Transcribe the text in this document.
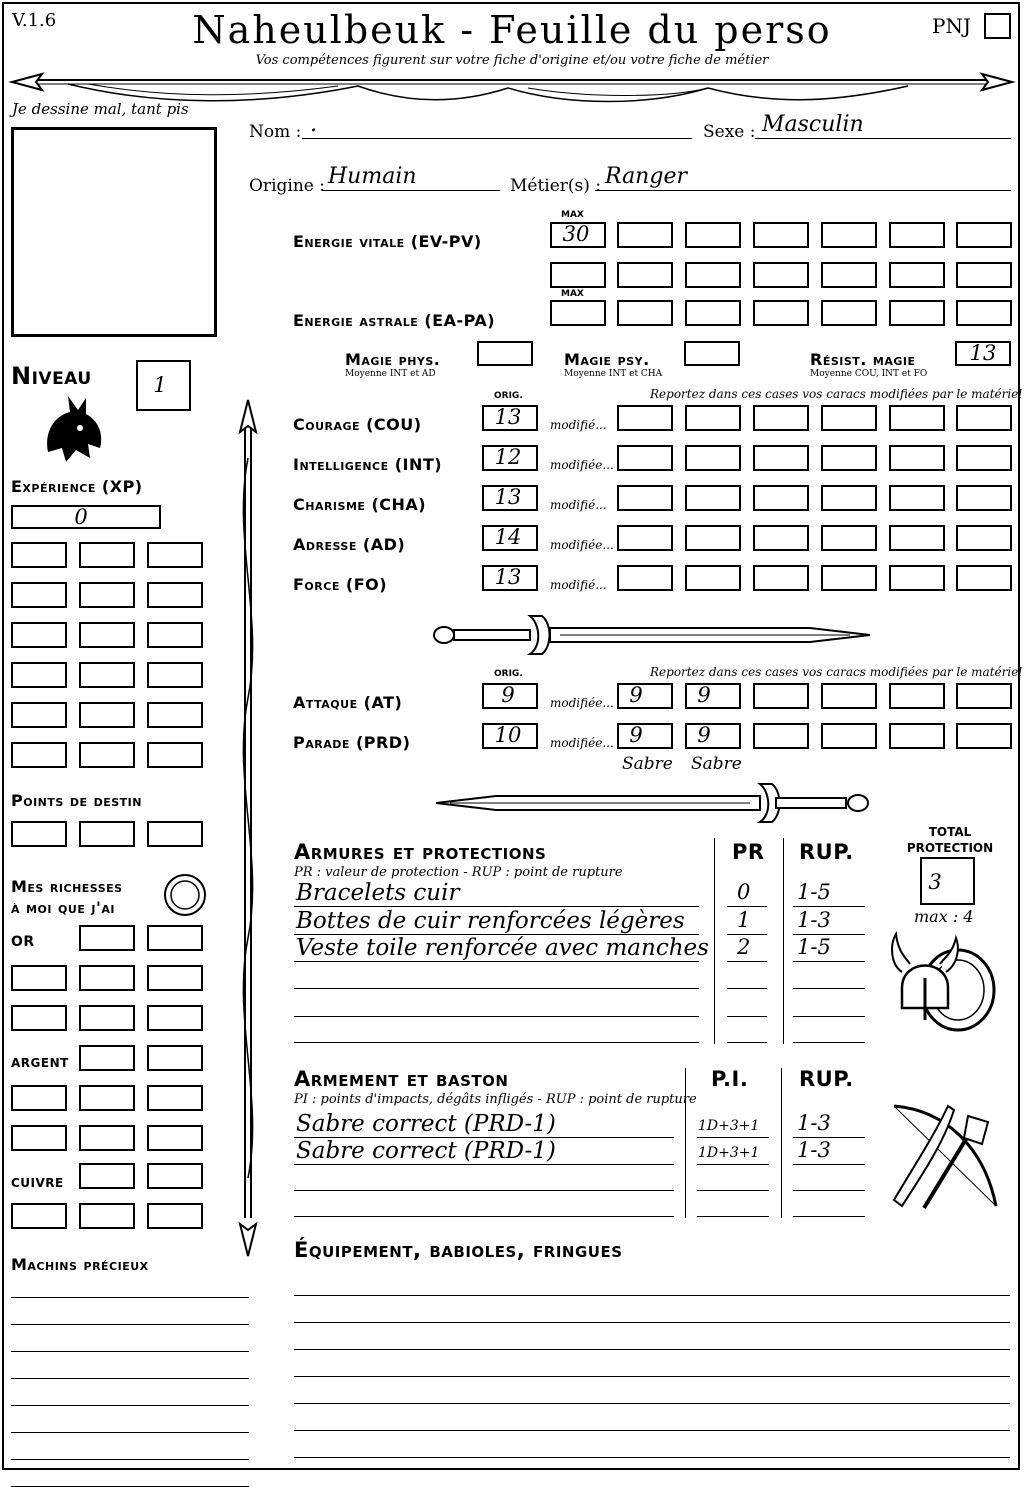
V.1.6	Naheulbeuk - Feuille du perso	PNJ
Vos compétences figurent sur votre fiche d'origine et/ou votre fiche de métier
Je dessine mal, tant pis
Nom : .	Sexe : Masculin
Origine : Humain	Métier(s) : Ranger
MAX
Energie vitale (EV-PV)	30
MAX
Energie astrale (EA-PA)
Magie phys.
Moyenne INT et AD
Magie psy.
Moyenne INT et CHA
Résist. magie
Moyenne COU, INT et FO
13
ORIG.	Reportez dans ces cases vos caracs modifiées par le matériel
ORIG.	Reportez dans ces cases vos caracs modifiées par le matériel
Sabre Sabre
Niveau	1
Expérience (XP)
0
Points de destin
Mes richesses
à moi que j'ai
OR
ARGENT
CUIVRE
Machins précieux
Armures et protections
PR : valeur de protection - RUP : point de rupture
PR RUP.
TOTAL
PROTECTION
3
max : 4
Armement et baston
PI : points d'impacts, dégâts infligés - RUP : point de rupture
P.I. RUP.
Équipement, babioles, fringues
Courage (COU)	13	modifié...
Intelligence (INT)	12	modifiée...
Charisme (CHA)	13	modifié...
Adresse (AD)	14	modifiée...
Force (FO)	13	modifié...
Attaque (AT)	9	modifiée... 9	9
Parade (PRD)	10	modifiée... 9	9
Bracelets cuir	0 1-5
Bottes de cuir renforcées légères 1 1-3
Veste toile renforcée avec manches 2 1-5
Sabre correct (PRD-1)	1D+3+1 1-3
Sabre correct (PRD-1)	1D+3+1 1-3
